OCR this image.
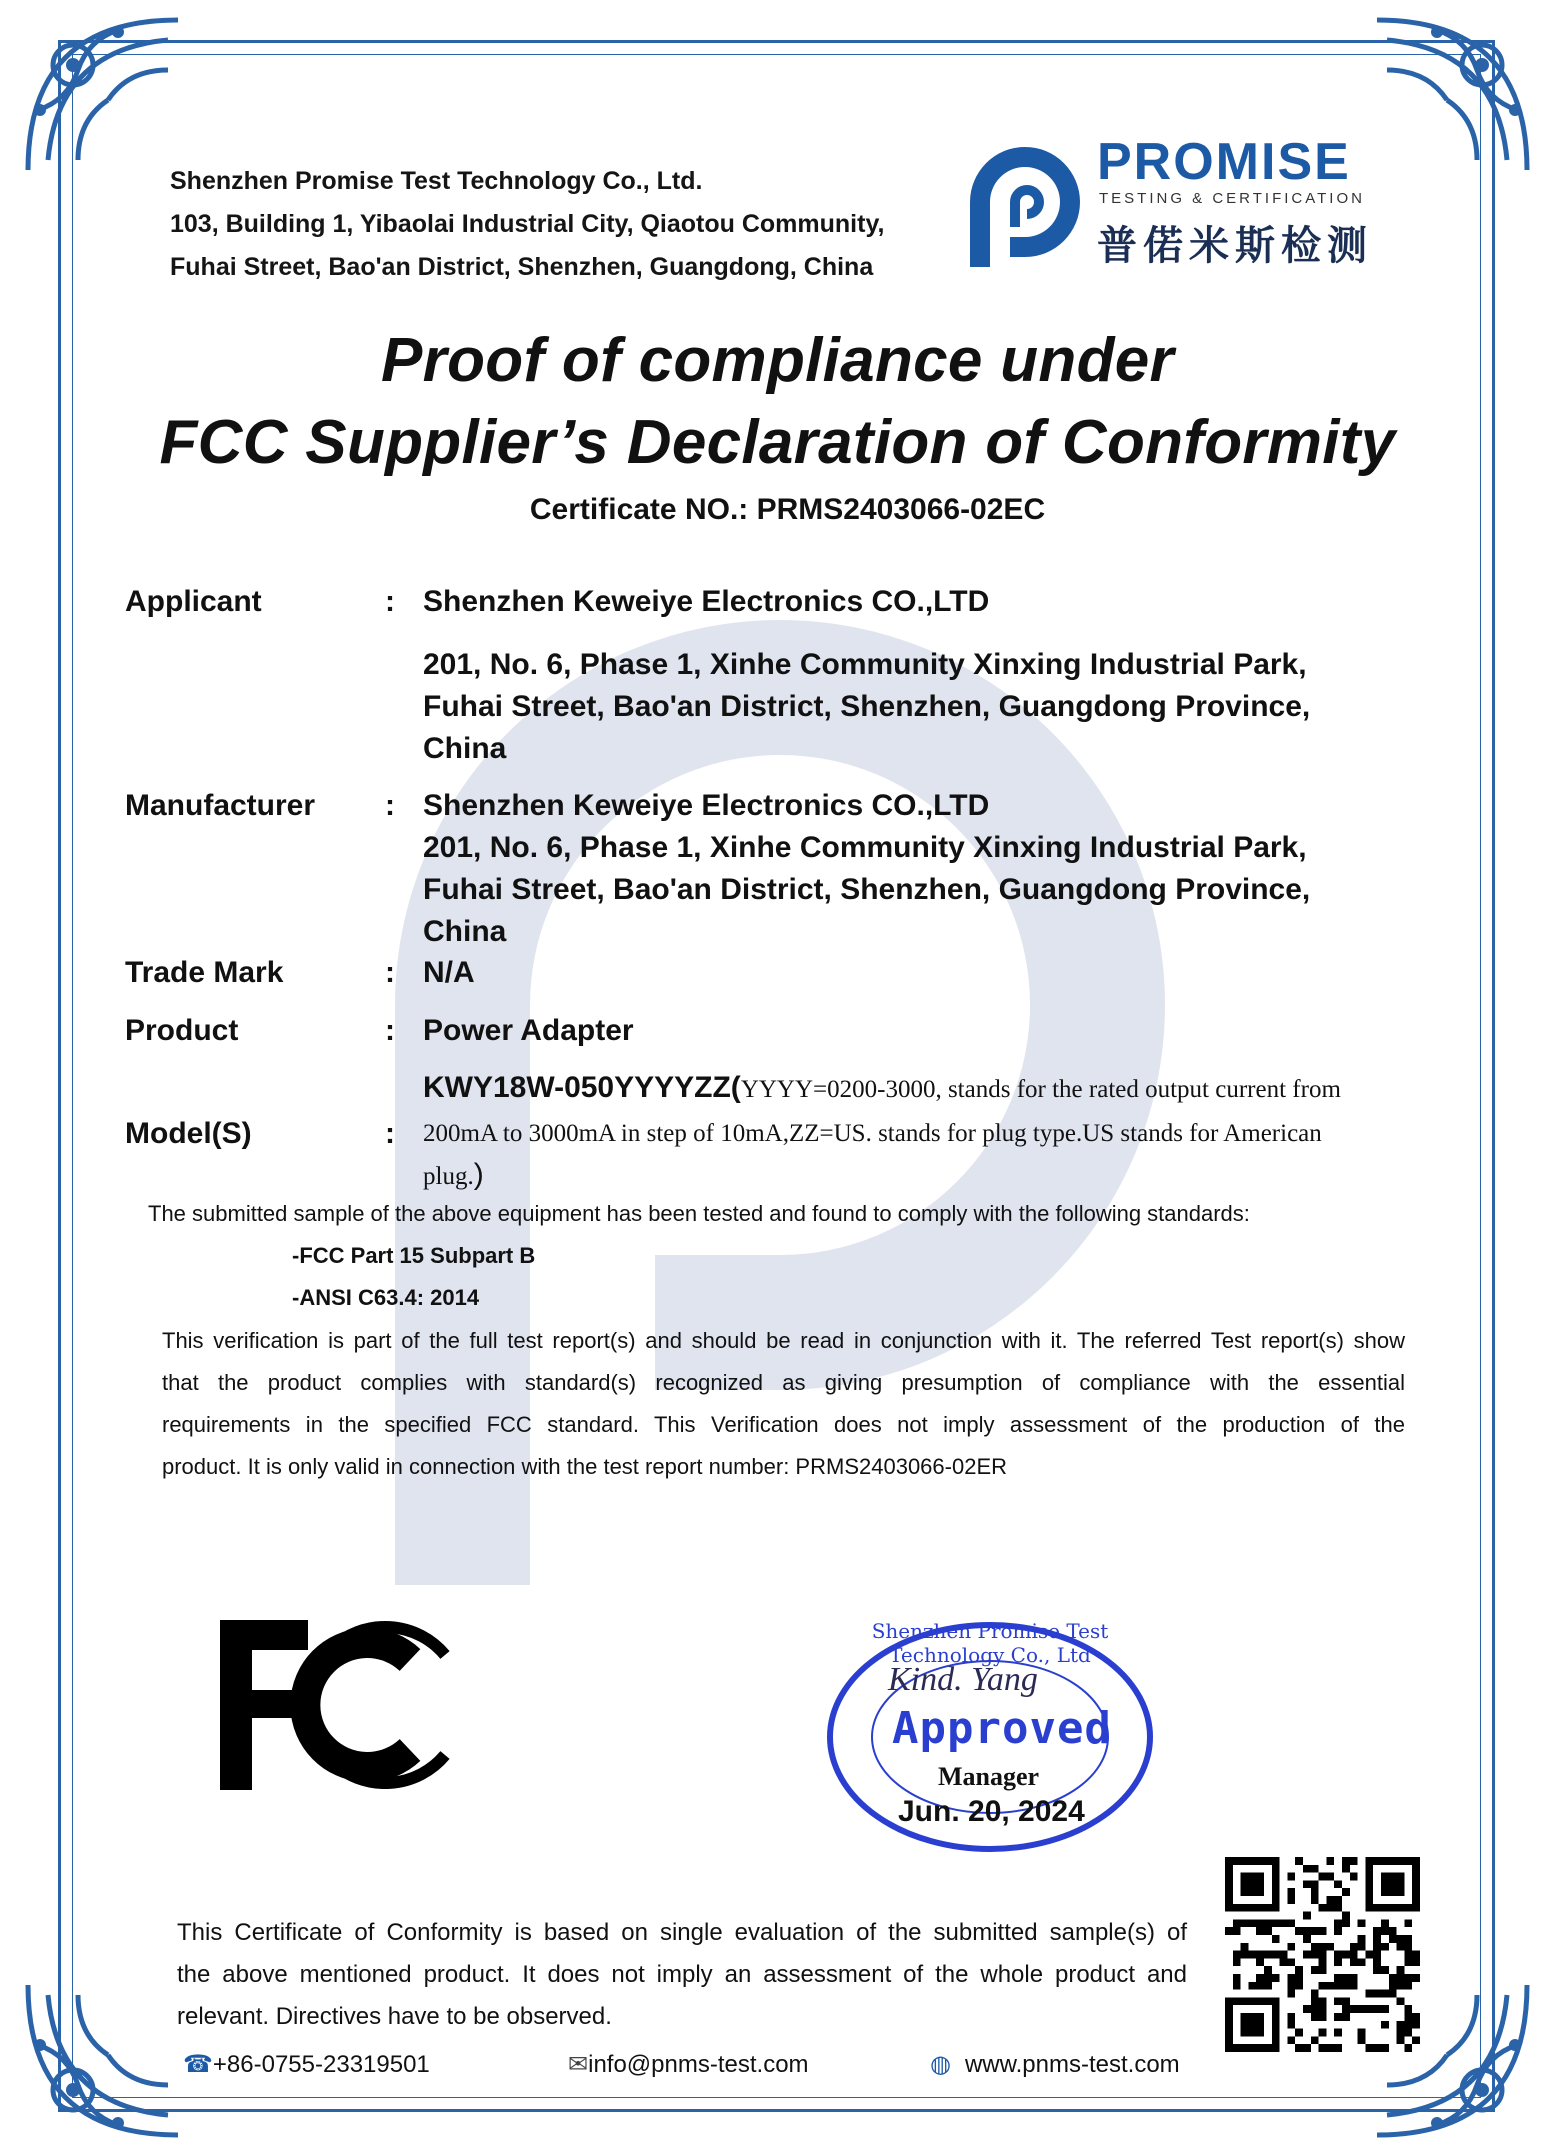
Shenzhen Promise Test Technology Co., Ltd.
103, Building 1, Yibaolai Industrial City, Qiaotou Community,
Fuhai Street, Bao'an District, Shenzhen, Guangdong, China
PROMISE
TESTING & CERTIFICATION
普偌米斯检测
Proof of compliance under
FCC Supplier’s Declaration of Conformity
Certificate NO.: PRMS2403066-02EC
Applicant	: Shenzhen Keweiye Electronics CO.,LTD
201, No. 6, Phase 1, Xinhe Community Xinxing Industrial Park,
Fuhai Street, Bao'an District, Shenzhen, Guangdong Province,
China
Manufacturer : Shenzhen Keweiye Electronics CO.,LTD
201, No. 6, Phase 1, Xinhe Community Xinxing Industrial Park,
Fuhai Street, Bao'an District, Shenzhen, Guangdong Province,
China
Trade Mark	: N/A
Product	: Power Adapter
Model(S)	:
KWY18W-050YYYYZZ(YYYY=0200-3000, stands for the rated output current from
200mA to 3000mA in step of 10mA,ZZ=US. stands for plug type.US stands for American
plug.)
The submitted sample of the above equipment has been tested and found to comply with the following standards:
-FCC Part 15 Subpart B
-ANSI C63.4: 2014
This verification is part of the full test report(s) and should be read in conjunction with it. The referred Test report(s) show
that the product complies with standard(s) recognized as giving presumption of compliance with the essential
requirements in the specified FCC standard. This Verification does not imply assessment of the production of the
product. It is only valid in connection with the test report number: PRMS2403066-02ER
Shenzhen Promise Test Technology Co., Ltd
Kind. Yang
Approved
Manager
Jun. 20, 2024
This Certificate of Conformity is based on single evaluation of the submitted sample(s) of
the above mentioned product. It does not imply an assessment of the whole product and
relevant. Directives have to be observed.
☎+86-0755-23319501	✉info@pnms-test.com	◍ www.pnms-test.com
